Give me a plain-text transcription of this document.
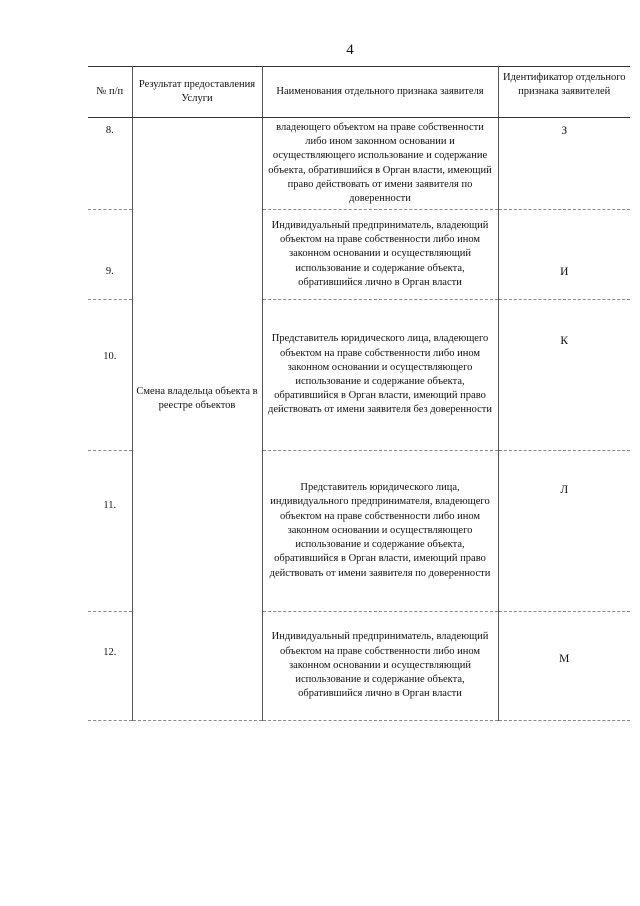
4
№ п/п	Результат предоставления Услуги	Наименования отдельного признака заявителя	Идентификатор отдельного признака заявителей
8.	Смена владельца объекта в реестре объектов	владеющего объектом на праве собственности либо ином законном основании и осуществляющего использование и содержание объекта, обратившийся в Орган власти, имеющий право действовать от имени заявителя по доверенности	З
9.		Индивидуальный предприниматель, владеющий объектом на праве собственности либо ином законном основании и осуществляющий использование и содержание объекта, обратившийся лично в Орган власти	И
10.		Представитель юридического лица, владеющего объектом на праве собственности либо ином законном основании и осуществляющего использование и содержание объекта, обратившийся в Орган власти, имеющий право действовать от имени заявителя без доверенности	К
11.		Представитель юридического лица, индивидуального предпринимателя, владеющего объектом на праве собственности либо ином законном основании и осуществляющего использование и содержание объекта, обратившийся в Орган власти, имеющий право действовать от имени заявителя по доверенности	Л
12.		Индивидуальный предприниматель, владеющий объектом на праве собственности либо ином законном основании и осуществляющий использование и содержание объекта, обратившийся лично в Орган власти	М
